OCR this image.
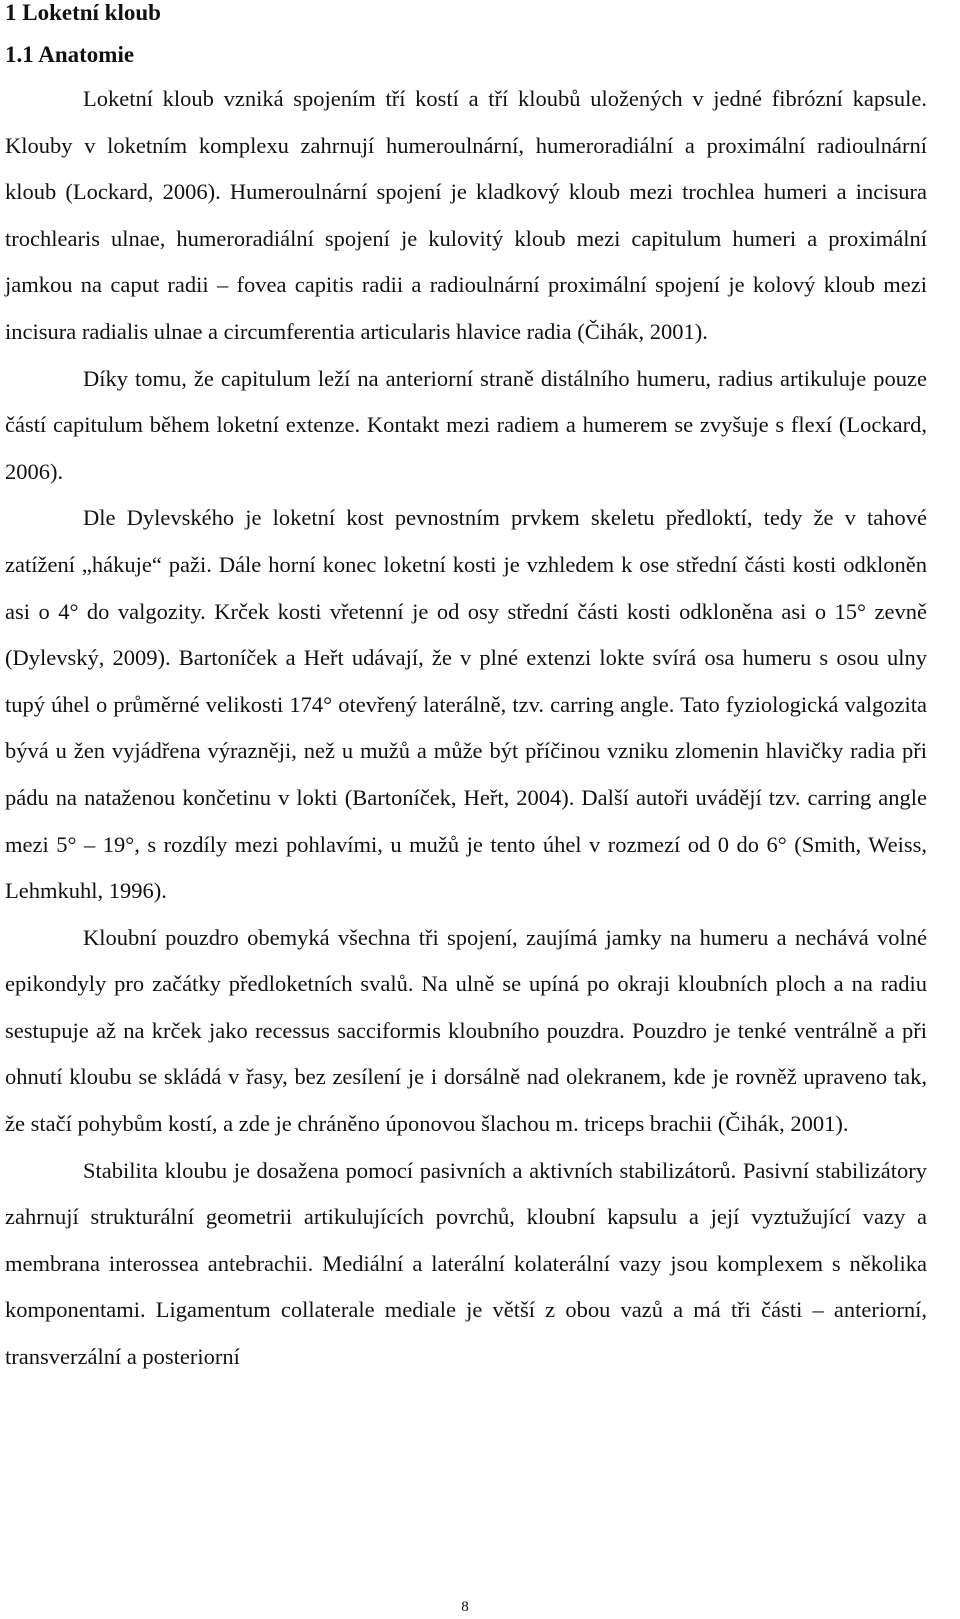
1 Loketní kloub
1.1 Anatomie

Loketní kloub vzniká spojením tří kostí a tří kloubů uložených v jedné fibrózní kapsule. Klouby v loketním komplexu zahrnují humeroulnární, humeroradiální a proximální radioulnární kloub (Lockard, 2006). Humeroulnární spojení je kladkový kloub mezi trochlea humeri a incisura trochlearis ulnae, humeroradiální spojení je kulovitý kloub mezi capitulum humeri a proximální jamkou na caput radii – fovea capitis radii a radioulnární proximální spojení je kolový kloub mezi incisura radialis ulnae a circumferentia articularis hlavice radia (Čihák, 2001).

Díky tomu, že capitulum leží na anteriorní straně distálního humeru, radius artikuluje pouze částí capitulum během loketní extenze. Kontakt mezi radiem a humerem se zvyšuje s flexí (Lockard, 2006).

Dle Dylevského je loketní kost pevnostním prvkem skeletu předloktí, tedy že v tahové zatížení „hákuje“ paži. Dále horní konec loketní kosti je vzhledem k ose střední části kosti odkloněn asi o 4° do valgozity. Krček kosti vřetenní je od osy střední části kosti odkloněna asi o 15° zevně (Dylevský, 2009). Bartoníček a Heřt udávají, že v plné extenzi lokte svírá osa humeru s osou ulny tupý úhel o průměrné velikosti 174° otevřený laterálně, tzv. carring angle. Tato fyziologická valgozita bývá u žen vyjádřena výrazněji, než u mužů a může být příčinou vzniku zlomenin hlavičky radia při pádu na nataženou končetinu v lokti (Bartoníček, Heřt, 2004). Další autoři uvádějí tzv. carring angle mezi 5° – 19°, s rozdíly mezi pohlavími, u mužů je tento úhel v rozmezí od 0 do 6° (Smith, Weiss, Lehmkuhl, 1996).

Kloubní pouzdro obemyká všechna tři spojení, zaujímá jamky na humeru a nechává volné epikondyly pro začátky předloketních svalů. Na ulně se upíná po okraji kloubních ploch a na radiu sestupuje až na krček jako recessus sacciformis kloubního pouzdra. Pouzdro je tenké ventrálně a při ohnutí kloubu se skládá v řasy, bez zesílení je i dorsálně nad olekranem, kde je rovněž upraveno tak, že stačí pohybům kostí, a zde je chráněno úponovou šlachou m. triceps brachii (Čihák, 2001).

Stabilita kloubu je dosažena pomocí pasivních a aktivních stabilizátorů. Pasivní stabilizátory zahrnují strukturální geometrii artikulujících povrchů, kloubní kapsulu a její vyztužující vazy a membrana interossea antebrachii. Mediální a laterální kolaterální vazy jsou komplexem s několika komponentami. Ligamentum collaterale mediale je větší z obou vazů a má tři části – anteriorní, transverzální a posteriorní

8
